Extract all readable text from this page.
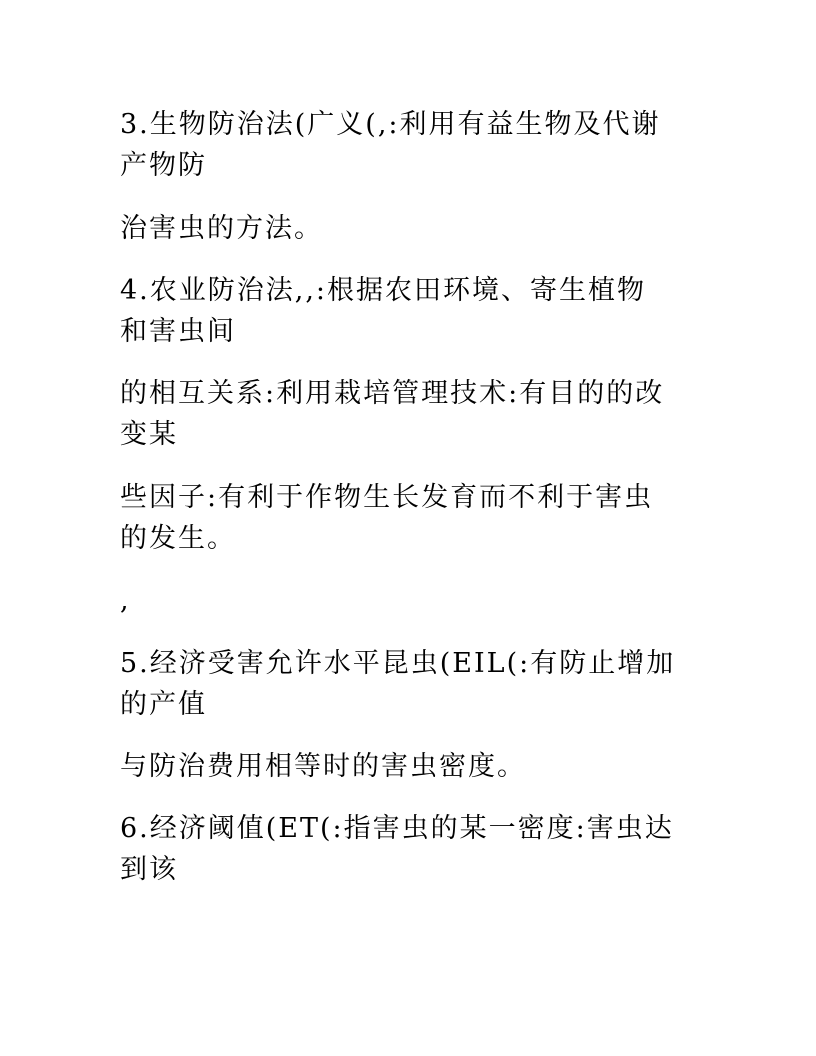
3.生物防治法(广义(,:利用有益生物及代谢
产物防

治害虫的方法。

4.农业防治法,,:根据农田环境、寄生植物
和害虫间

的相互关系:利用栽培管理技术:有目的的改
变某

些因子:有利于作物生长发育而不利于害虫
的发生。

,

5.经济受害允许水平昆虫(EIL(:有防止增加
的产值

与防治费用相等时的害虫密度。

6.经济阈值(ET(:指害虫的某一密度:害虫达
到该
